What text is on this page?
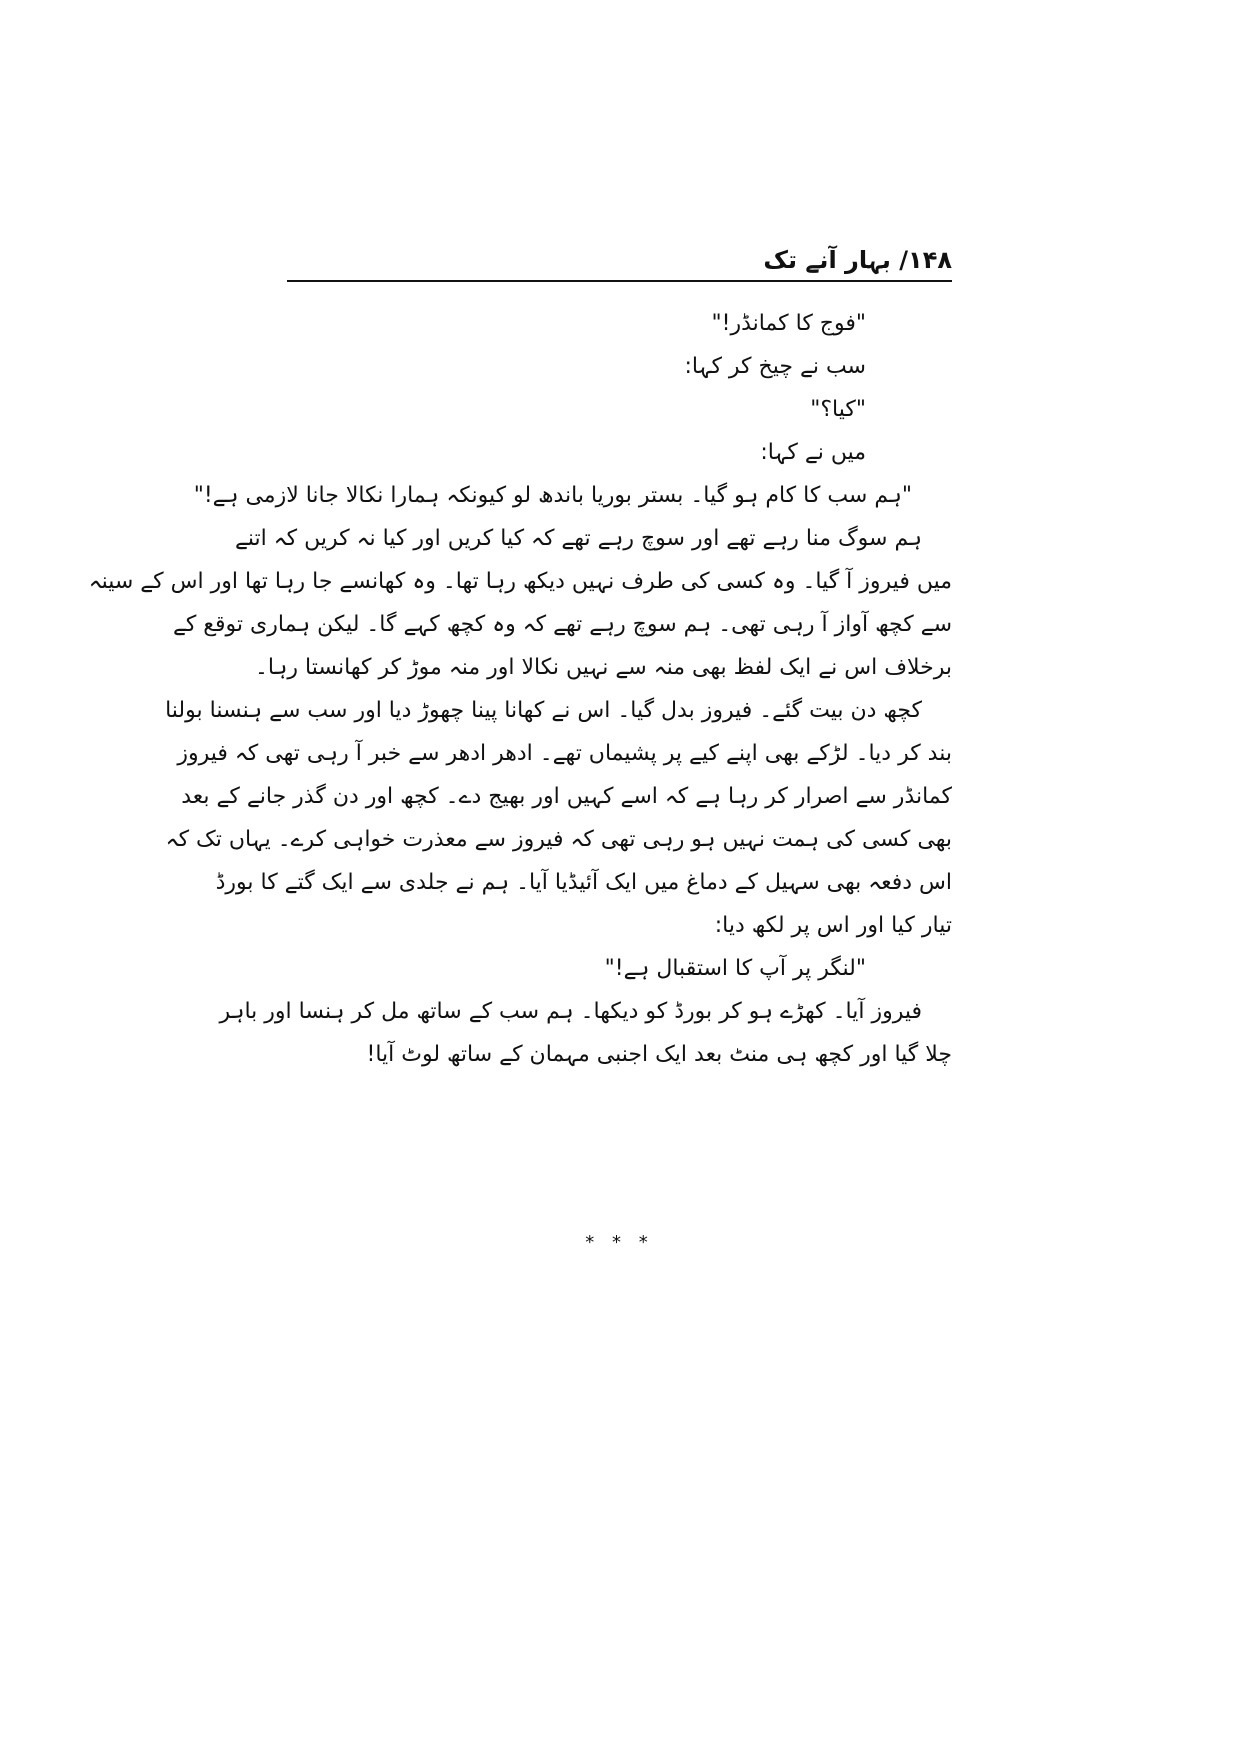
۱۴۸/ بہار آنے تک
"فوج کا کمانڈر!"
سب نے چیخ کر کہا:
"کیا؟"
میں نے کہا:
"ہم سب کا کام ہو گیا۔ بستر بوریا باندھ لو کیونکہ ہمارا نکالا جانا لازمی ہے!"
ہم سوگ منا رہے تھے اور سوچ رہے تھے کہ کیا کریں اور کیا نہ کریں کہ اتنے
میں فیروز آ گیا۔ وہ کسی کی طرف نہیں دیکھ رہا تھا۔ وہ کھانسے جا رہا تھا اور اس کے سینہ
سے کچھ آواز آ رہی تھی۔ ہم سوچ رہے تھے کہ وہ کچھ کہے گا۔ لیکن ہماری توقع کے
برخلاف اس نے ایک لفظ بھی منہ سے نہیں نکالا اور منہ موڑ کر کھانستا رہا۔
کچھ دن بیت گئے۔ فیروز بدل گیا۔ اس نے کھانا پینا چھوڑ دیا اور سب سے ہنسنا بولنا
بند کر دیا۔ لڑکے بھی اپنے کیے پر پشیماں تھے۔ ادھر ادھر سے خبر آ رہی تھی کہ فیروز
کمانڈر سے اصرار کر رہا ہے کہ اسے کہیں اور بھیج دے۔ کچھ اور دن گذر جانے کے بعد
بھی کسی کی ہمت نہیں ہو رہی تھی کہ فیروز سے معذرت خواہی کرے۔ یہاں تک کہ
اس دفعہ بھی سہیل کے دماغ میں ایک آئیڈیا آیا۔ ہم نے جلدی سے ایک گتے کا بورڈ
تیار کیا اور اس پر لکھ دیا:
"لنگر پر آپ کا استقبال ہے!"
فیروز آیا۔ کھڑے ہو کر بورڈ کو دیکھا۔ ہم سب کے ساتھ مل کر ہنسا اور باہر
چلا گیا اور کچھ ہی منٹ بعد ایک اجنبی مہمان کے ساتھ لوٹ آیا!
* * *
